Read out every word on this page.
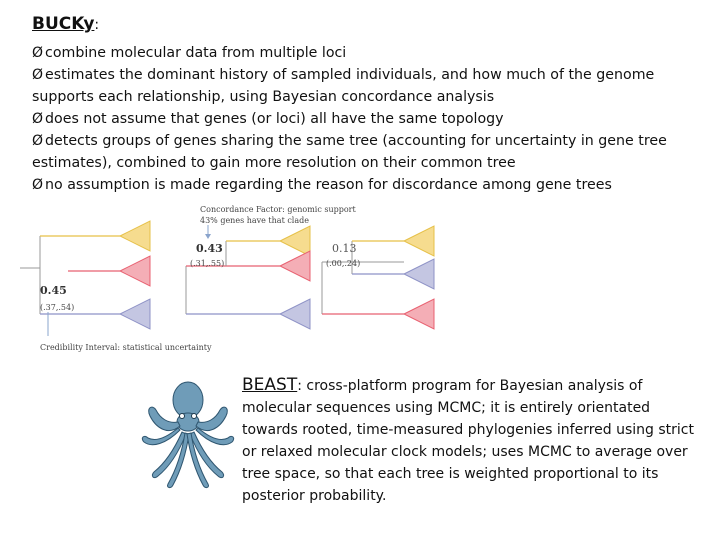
BUCKy:

Ø combine molecular data from multiple loci

Ø estimates the dominant history of sampled individuals, and how much of the genome supports each relationship, using Bayesian concordance analysis

Ø does not assume that genes (or loci) all have the same topology

Ø detects groups of genes sharing the same tree (accounting for uncertainty in gene tree estimates), combined to gain more resolution on their common tree

Ø no assumption is made regarding the reason for discordance among gene trees

Concordance Factor: genomic support
43% genes have that clade
0.45
(.37,.54)
0.43
(.31,.55)
0.13
(.00,.24)
Credibility Interval: statistical uncertainty
BEAST: cross-platform program for Bayesian analysis of molecular sequences using MCMC; it is entirely orientated towards rooted, time-measured phylogenies inferred using strict or relaxed molecular clock models; uses MCMC to average over tree space, so that each tree is weighted proportional to its posterior probability.
